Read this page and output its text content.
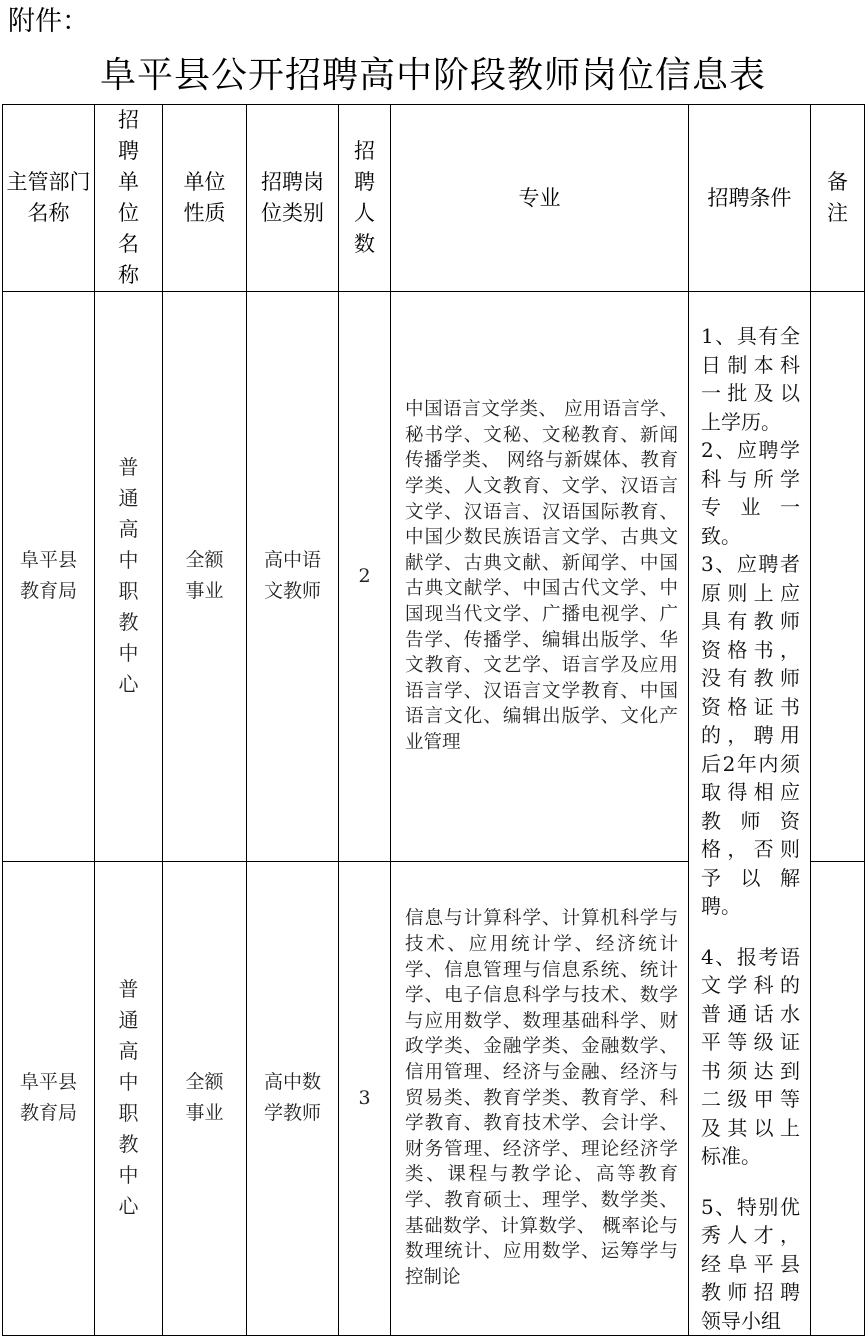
附件：
阜平县公开招聘高中阶段教师岗位信息表
主管部门名称	招聘单位名称	单位性质	招聘岗位类别	招聘人数	专业	招聘条件	备注
阜平县教育局	普通高中职教中心	全额事业	高中语文教师	2	中国语言文学类、 应用语言学、秘书学、文秘、文秘教育、新闻传播学类、 网络与新媒体、教育学类、人文教育、文学、汉语言文学、汉语言、汉语国际教育、中国少数民族语言文学、古典文献学、古典文献、新闻学、中国古典文献学、中国古代文学、中国现当代文学、广播电视学、广告学、传播学、编辑出版学、华文教育、文艺学、语言学及应用语言学、汉语言文学教育、中国语言文化、编辑出版学、文化产业管理	1、具有全日制本科一批及以上学历。

2、应聘学科与所学专业一致。

3、应聘者原则上应具有教师资格书，没有教师资格证书的，聘用后2年内须取得相应教师资格，否则予以解聘。

4、报考语文学科的普通话水平等级证书须达到二级甲等及其以上标准。

5、特别优秀人才，经阜平县教师招聘领导小组	

阜平县教育局	普通高中职教中心	全额事业	高中数学教师	3	信息与计算科学、计算机科学与技术、应用统计学、经济统计学、信息管理与信息系统、统计学、电子信息科学与技术、数学与应用数学、数理基础科学、财政学类、金融学类、金融数学、信用管理、经济与金融、经济与贸易类、教育学类、教育学、科学教育、教育技术学、会计学、财务管理、经济学、理论经济学类、课程与教学论、高等教育学、教育硕士、理学、数学类、基础数学、计算数学、 概率论与数理统计、应用数学、运筹学与控制论		
